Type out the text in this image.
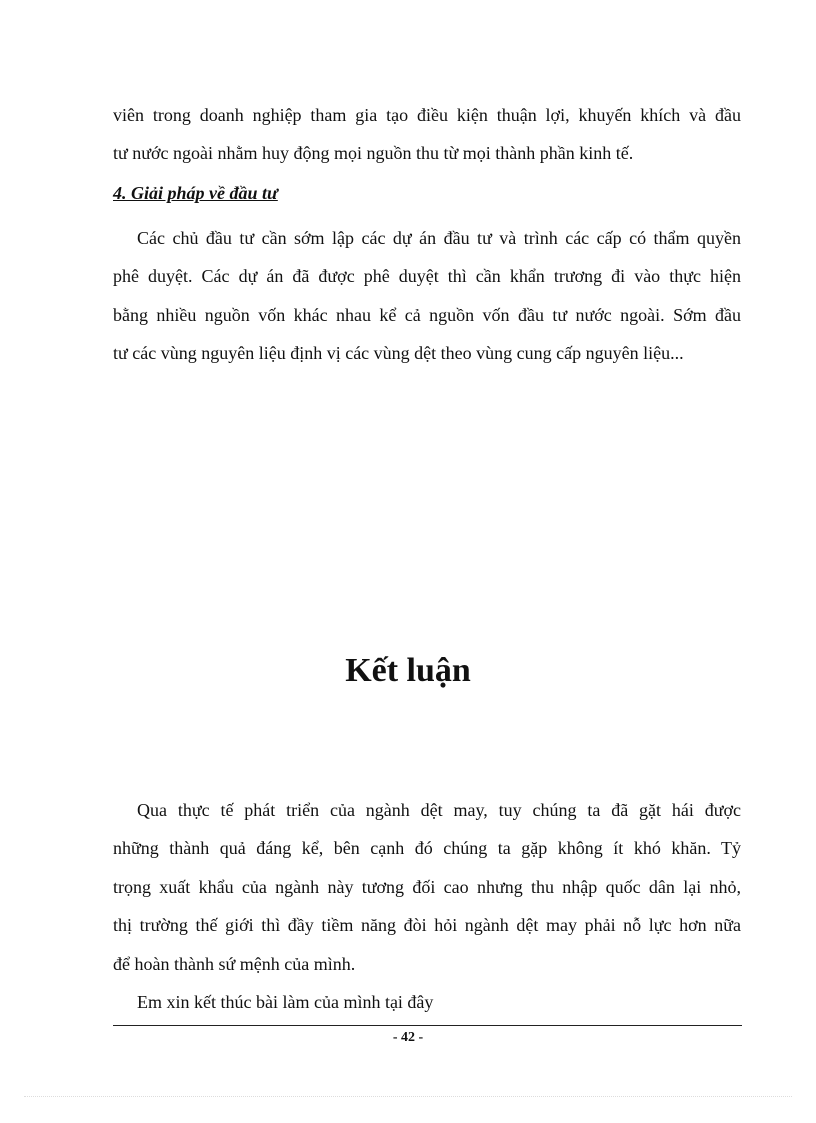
viên trong doanh nghiệp tham gia tạo điều kiện thuận lợi, khuyến khích và đầu

tư nước ngoài nhằm huy động mọi nguồn thu từ mọi thành phần kinh tế.

4. Giải pháp về đầu tư

Các chủ đầu tư cần sớm lập các dự án đầu tư và trình các cấp có thẩm quyền

phê duyệt. Các dự án đã được phê duyệt thì cần khẩn trương đi vào thực hiện

bằng nhiều nguồn vốn khác nhau kể cả nguồn vốn đầu tư nước ngoài. Sớm đầu

tư các vùng nguyên liệu định vị các vùng dệt theo vùng cung cấp nguyên liệu...

Kết luận

Qua thực tế phát triển của ngành dệt may, tuy chúng ta đã gặt hái được

những thành quả đáng kể, bên cạnh đó chúng ta gặp không ít khó khăn. Tỷ

trọng xuất khẩu của ngành này tương đối cao nhưng thu nhập quốc dân lại nhỏ,

thị trường thế giới thì đầy tiềm năng đòi hỏi ngành dệt may phải nỗ lực hơn nữa

để hoàn thành sứ mệnh của mình.

Em xin kết thúc bài làm của mình tại đây

- 42 -
